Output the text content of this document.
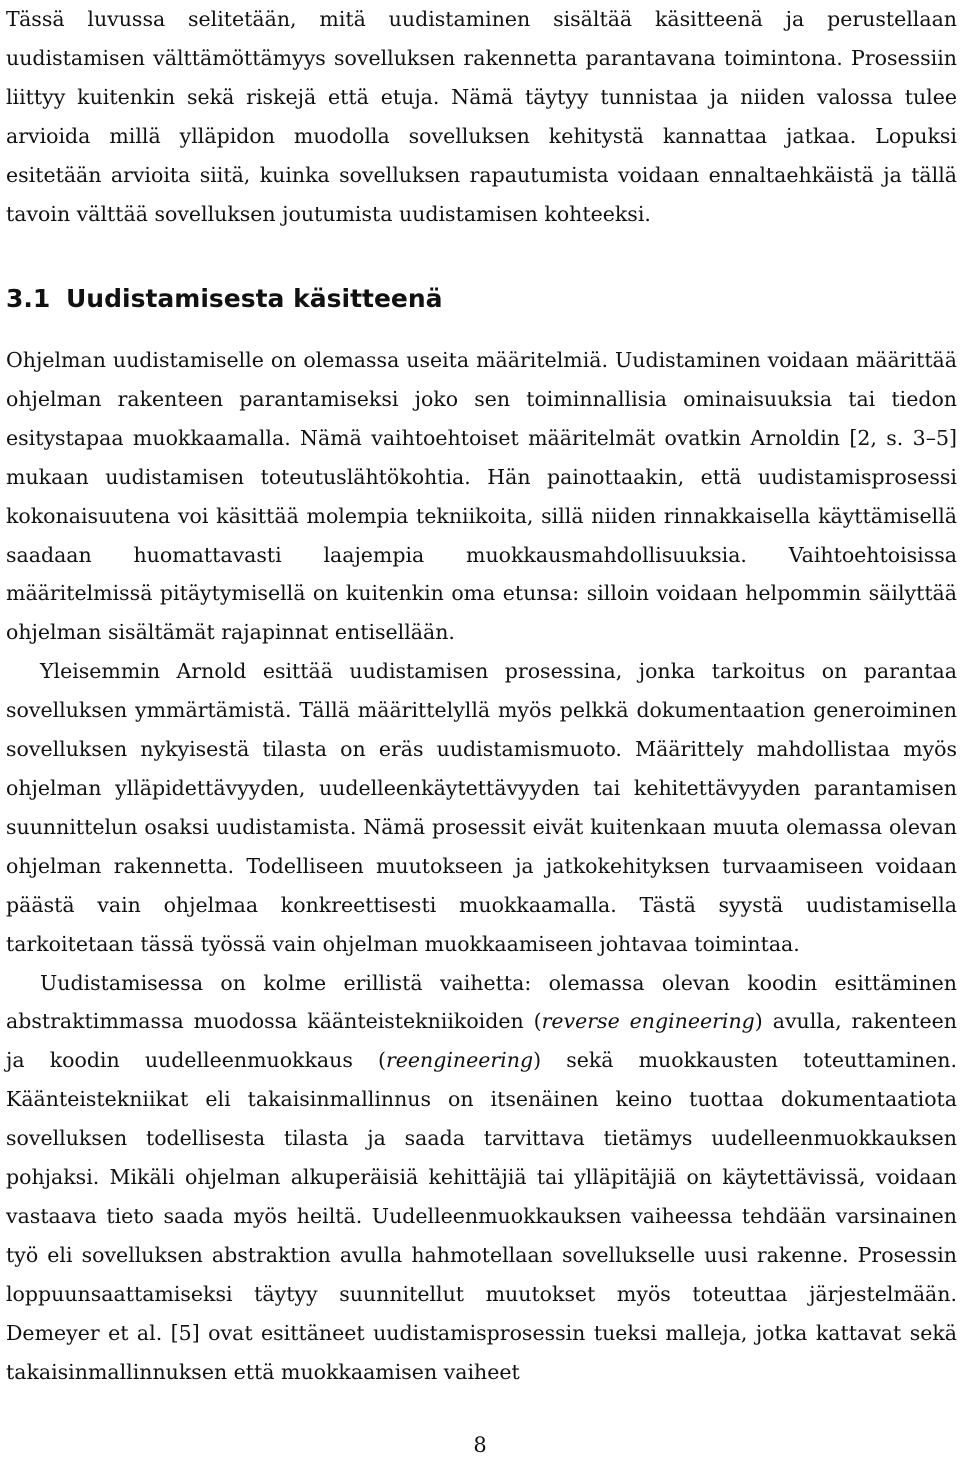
Tässä luvussa selitetään, mitä uudistaminen sisältää käsitteenä ja perustellaan uudistamisen välttämöttämyys sovelluksen rakennetta parantavana toimintona. Prosessiin liittyy kuitenkin sekä riskejä että etuja. Nämä täytyy tunnistaa ja niiden valossa tulee arvioida millä ylläpidon muodolla sovelluksen kehitystä kannattaa jatkaa. Lopuksi esitetään arvioita siitä, kuinka sovelluksen rapautumista voidaan ennaltaehkäistä ja tällä tavoin välttää sovelluksen joutumista uudistamisen kohteeksi.

3.1 Uudistamisesta käsitteenä

Ohjelman uudistamiselle on olemassa useita määritelmiä. Uudistaminen voidaan määrittää ohjelman rakenteen parantamiseksi joko sen toiminnallisia ominaisuuksia tai tiedon esitystapaa muokkaamalla. Nämä vaihtoehtoiset määritelmät ovatkin Arnoldin [2, s. 3–5] mukaan uudistamisen toteutuslähtökohtia. Hän painottaakin, että uudistamisprosessi kokonaisuutena voi käsittää molempia tekniikoita, sillä niiden rinnakkaisella käyttämisellä saadaan huomattavasti laajempia muokkausmahdollisuuksia. Vaihtoehtoisissa määritelmissä pitäytymisellä on kuitenkin oma etunsa: silloin voidaan helpommin säilyttää ohjelman sisältämät rajapinnat entisellään.

Yleisemmin Arnold esittää uudistamisen prosessina, jonka tarkoitus on parantaa sovelluksen ymmärtämistä. Tällä määrittelyllä myös pelkkä dokumentaation generoiminen sovelluksen nykyisestä tilasta on eräs uudistamismuoto. Määrittely mahdollistaa myös ohjelman ylläpidettävyyden, uudelleenkäytettävyyden tai kehitettävyyden parantamisen suunnittelun osaksi uudistamista. Nämä prosessit eivät kuitenkaan muuta olemassa olevan ohjelman rakennetta. Todelliseen muutokseen ja jatkokehityksen turvaamiseen voidaan päästä vain ohjelmaa konkreettisesti muokkaamalla. Tästä syystä uudistamisella tarkoitetaan tässä työssä vain ohjelman muokkaamiseen johtavaa toimintaa.

Uudistamisessa on kolme erillistä vaihetta: olemassa olevan koodin esittäminen abstraktimmassa muodossa käänteistekniikoiden (reverse engineering) avulla, rakenteen ja koodin uudelleenmuokkaus (reengineering) sekä muokkausten toteuttaminen. Käänteistekniikat eli takaisinmallinnus on itsenäinen keino tuottaa dokumentaatiota sovelluksen todellisesta tilasta ja saada tarvittava tietämys uudelleenmuokkauksen pohjaksi. Mikäli ohjelman alkuperäisiä kehittäjiä tai ylläpitäjiä on käytettävissä, voidaan vastaava tieto saada myös heiltä. Uudelleenmuokkauksen vaiheessa tehdään varsinainen työ eli sovelluksen abstraktion avulla hahmotellaan sovellukselle uusi rakenne. Prosessin loppuunsaattamiseksi täytyy suunnitellut muutokset myös toteuttaa järjestelmään. Demeyer et al. [5] ovat esittäneet uudistamisprosessin tueksi malleja, jotka kattavat sekä takaisinmallinnuksen että muokkaamisen vaiheet

8
